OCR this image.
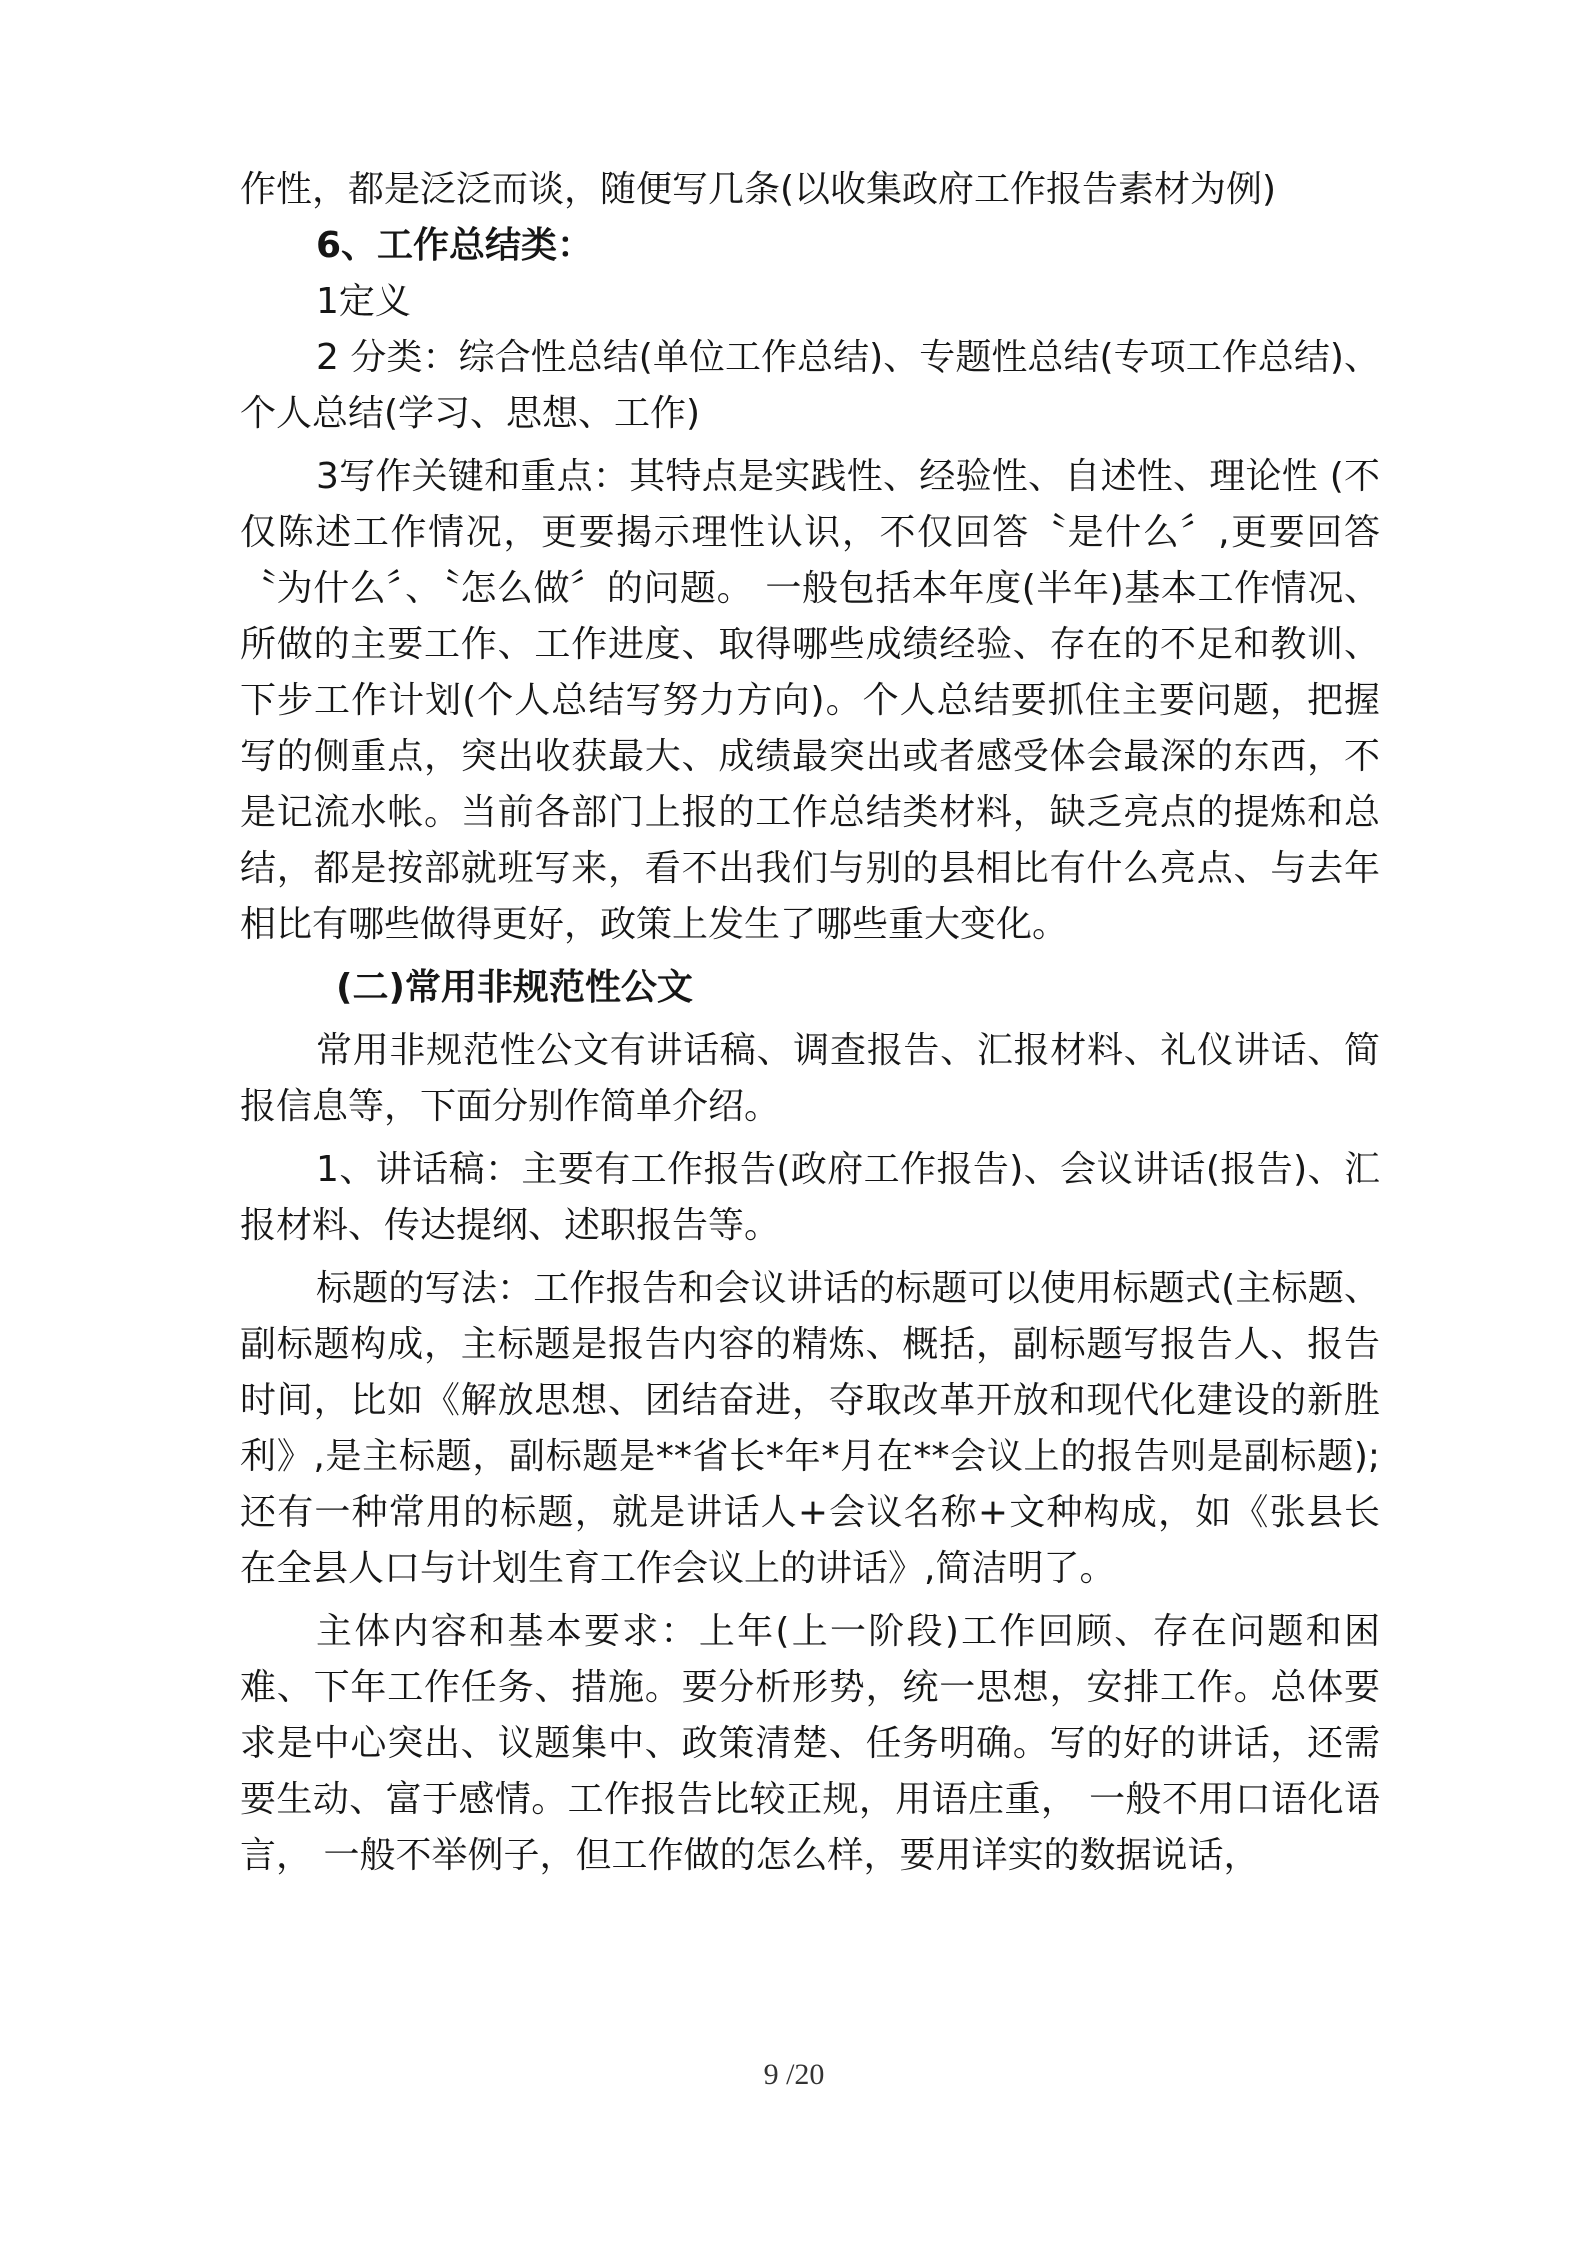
作性，都是泛泛而谈，随便写几条(以收集政府工作报告素材为例)

6、工作总结类：

1定义

2 分类：综合性总结(单位工作总结)、专题性总结(专项工作总结)、个人总结(学习、思想、工作)

3写作关键和重点：其特点是实践性、经验性、自述性、理论性 (不仅陈述工作情况，更要揭示理性认识，不仅回答〝是什么〞,更要回答〝为什么〞、〝怎么做〞的问题。 一般包括本年度(半年)基本工作情况、所做的主要工作、工作进度、取得哪些成绩经验、存在的不足和教训、下步工作计划(个人总结写努力方向)。个人总结要抓住主要问题，把握写的侧重点，突出收获最大、成绩最突出或者感受体会最深的东西，不是记流水帐。当前各部门上报的工作总结类材料，缺乏亮点的提炼和总结，都是按部就班写来，看不出我们与别的县相比有什么亮点、与去年相比有哪些做得更好，政策上发生了哪些重大变化。

(二)常用非规范性公文

常用非规范性公文有讲话稿、调查报告、汇报材料、礼仪讲话、简报信息等，下面分别作简单介绍。

1、讲话稿：主要有工作报告(政府工作报告)、会议讲话(报告)、汇报材料、传达提纲、述职报告等。

标题的写法：工作报告和会议讲话的标题可以使用标题式(主标题、副标题构成，主标题是报告内容的精炼、概括，副标题写报告人、报告时间，比如《解放思想、团结奋进，夺取改革开放和现代化建设的新胜利》,是主标题，副标题是**省长*年*月在**会议上的报告则是副标题);还有一种常用的标题，就是讲话人+会议名称+文种构成，如《张县长在全县人口与计划生育工作会议上的讲话》,简洁明了。

主体内容和基本要求：上年(上一阶段)工作回顾、存在问题和困难、下年工作任务、措施。要分析形势，统一思想，安排工作。总体要求是中心突出、议题集中、政策清楚、任务明确。写的好的讲话，还需要生动、富于感情。工作报告比较正规，用语庄重， 一般不用口语化语言， 一般不举例子，但工作做的怎么样，要用详实的数据说话，

9 /20
